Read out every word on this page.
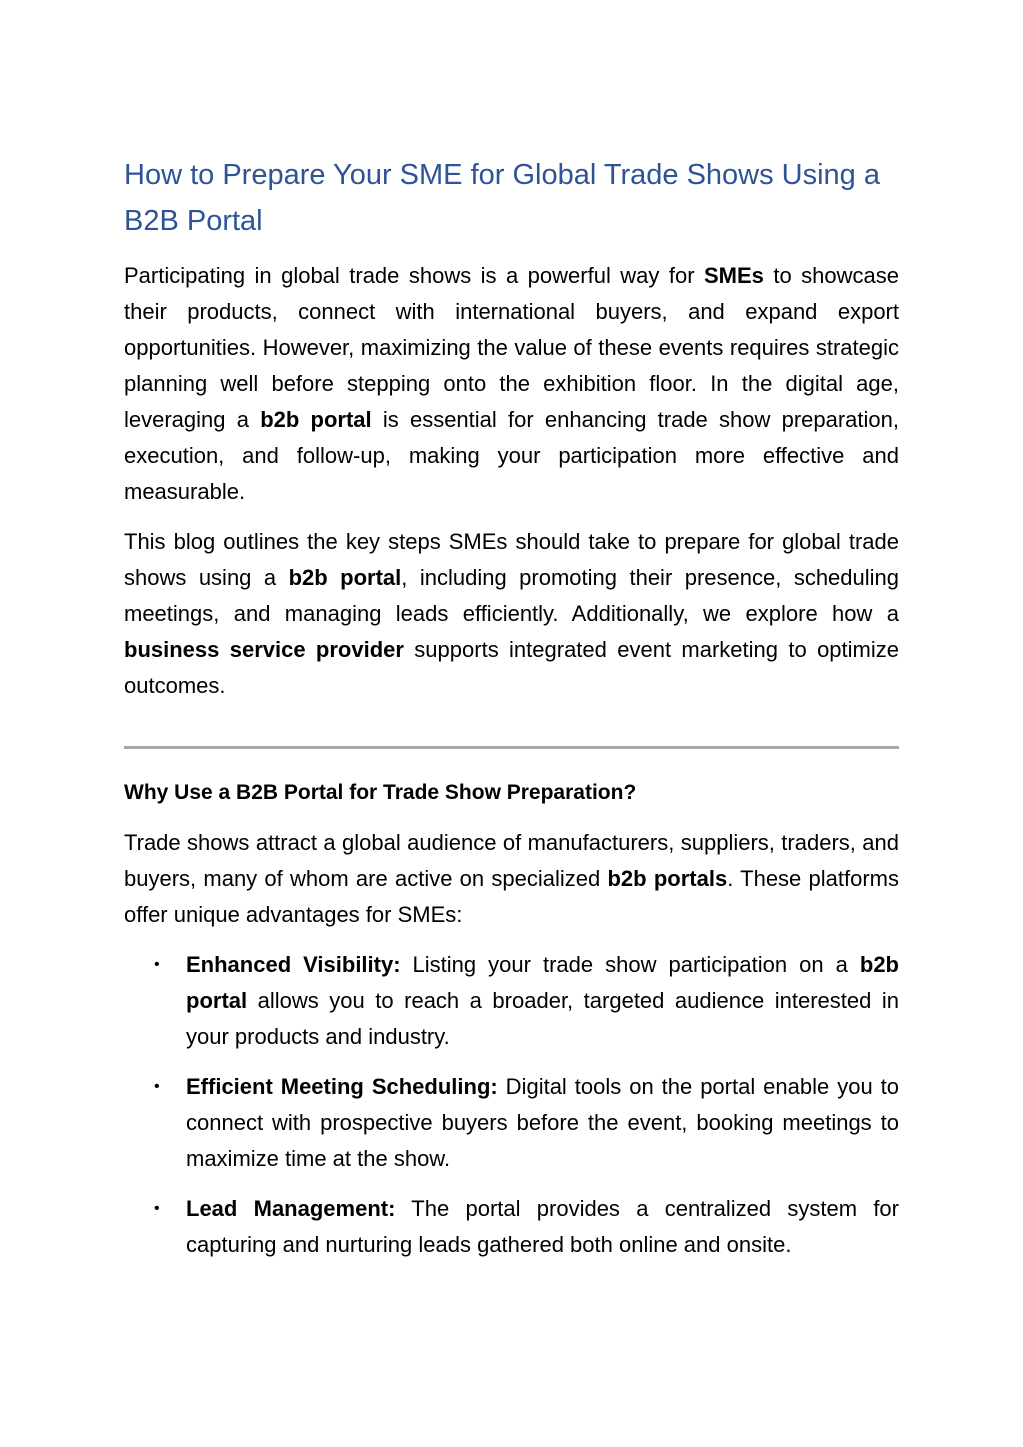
How to Prepare Your SME for Global Trade Shows Using a B2B Portal

Participating in global trade shows is a powerful way for SMEs to showcase their products, connect with international buyers, and expand export opportunities. However, maximizing the value of these events requires strategic planning well before stepping onto the exhibition floor. In the digital age, leveraging a b2b portal is essential for enhancing trade show preparation, execution, and follow-up, making your participation more effective and measurable.

This blog outlines the key steps SMEs should take to prepare for global trade shows using a b2b portal, including promoting their presence, scheduling meetings, and managing leads efficiently. Additionally, we explore how a business service provider supports integrated event marketing to optimize outcomes.

Why Use a B2B Portal for Trade Show Preparation?

Trade shows attract a global audience of manufacturers, suppliers, traders, and buyers, many of whom are active on specialized b2b portals. These platforms offer unique advantages for SMEs:

• Enhanced Visibility: Listing your trade show participation on a b2b portal allows you to reach a broader, targeted audience interested in your products and industry.
• Efficient Meeting Scheduling: Digital tools on the portal enable you to connect with prospective buyers before the event, booking meetings to maximize time at the show.
• Lead Management: The portal provides a centralized system for capturing and nurturing leads gathered both online and onsite.
